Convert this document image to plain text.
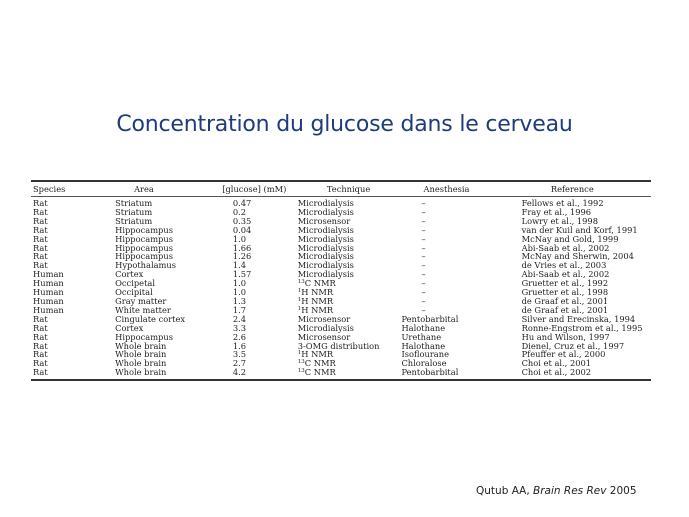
Concentration du glucose dans le cerveau
Species	Area	[glucose] (mM)	Technique	Anesthesia	Reference

Rat	Striatum	0.47	Microdialysis	–	Fellows et al., 1992
Rat	Striatum	0.2	Microdialysis	–	Fray et al., 1996
Rat	Striatum	0.35	Microsensor	–	Lowry et al., 1998
Rat	Hippocampus	0.04	Microdialysis	–	van der Kuil and Korf, 1991
Rat	Hippocampus	1.0	Microdialysis	–	McNay and Gold, 1999
Rat	Hippocampus	1.66	Microdialysis	–	Abi-Saab et al., 2002
Rat	Hippocampus	1.26	Microdialysis	–	McNay and Sherwin, 2004
Rat	Hypothalamus	1.4	Microdialysis	–	de Vries et al., 2003
Human	Cortex	1.57	Microdialysis	–	Abi-Saab et al., 2002
Human	Occipetal	1.0	$^{13}$C NMR	–	Gruetter et al., 1992
Human	Occipital	1.0	$^1$H NMR	–	Gruetter et al., 1998
Human	Gray matter	1.3	$^1$H NMR	–	de Graaf et al., 2001
Human	White matter	1.7	$^1$H NMR	–	de Graaf et al., 2001
Rat	Cingulate cortex	2.4	Microsensor	Pentobarbital	Silver and Erecinska, 1994
Rat	Cortex	3.3	Microdialysis	Halothane	Ronne-Engstrom et al., 1995
Rat	Hippocampus	2.6	Microsensor	Urethane	Hu and Wilson, 1997
Rat	Whole brain	1.6	3-OMG distribution	Halothane	Dienel, Cruz et al., 1997
Rat	Whole brain	3.5	$^1$H NMR	Isoflourane	Pfeuffer et al., 2000
Rat	Whole brain	2.7	$^{13}$C NMR	Chloralose	Choi et al., 2001
Rat	Whole brain	4.2	$^{13}$C NMR	Pentobarbital	Choi et al., 2002
Qutub AA, Brain Res Rev 2005
